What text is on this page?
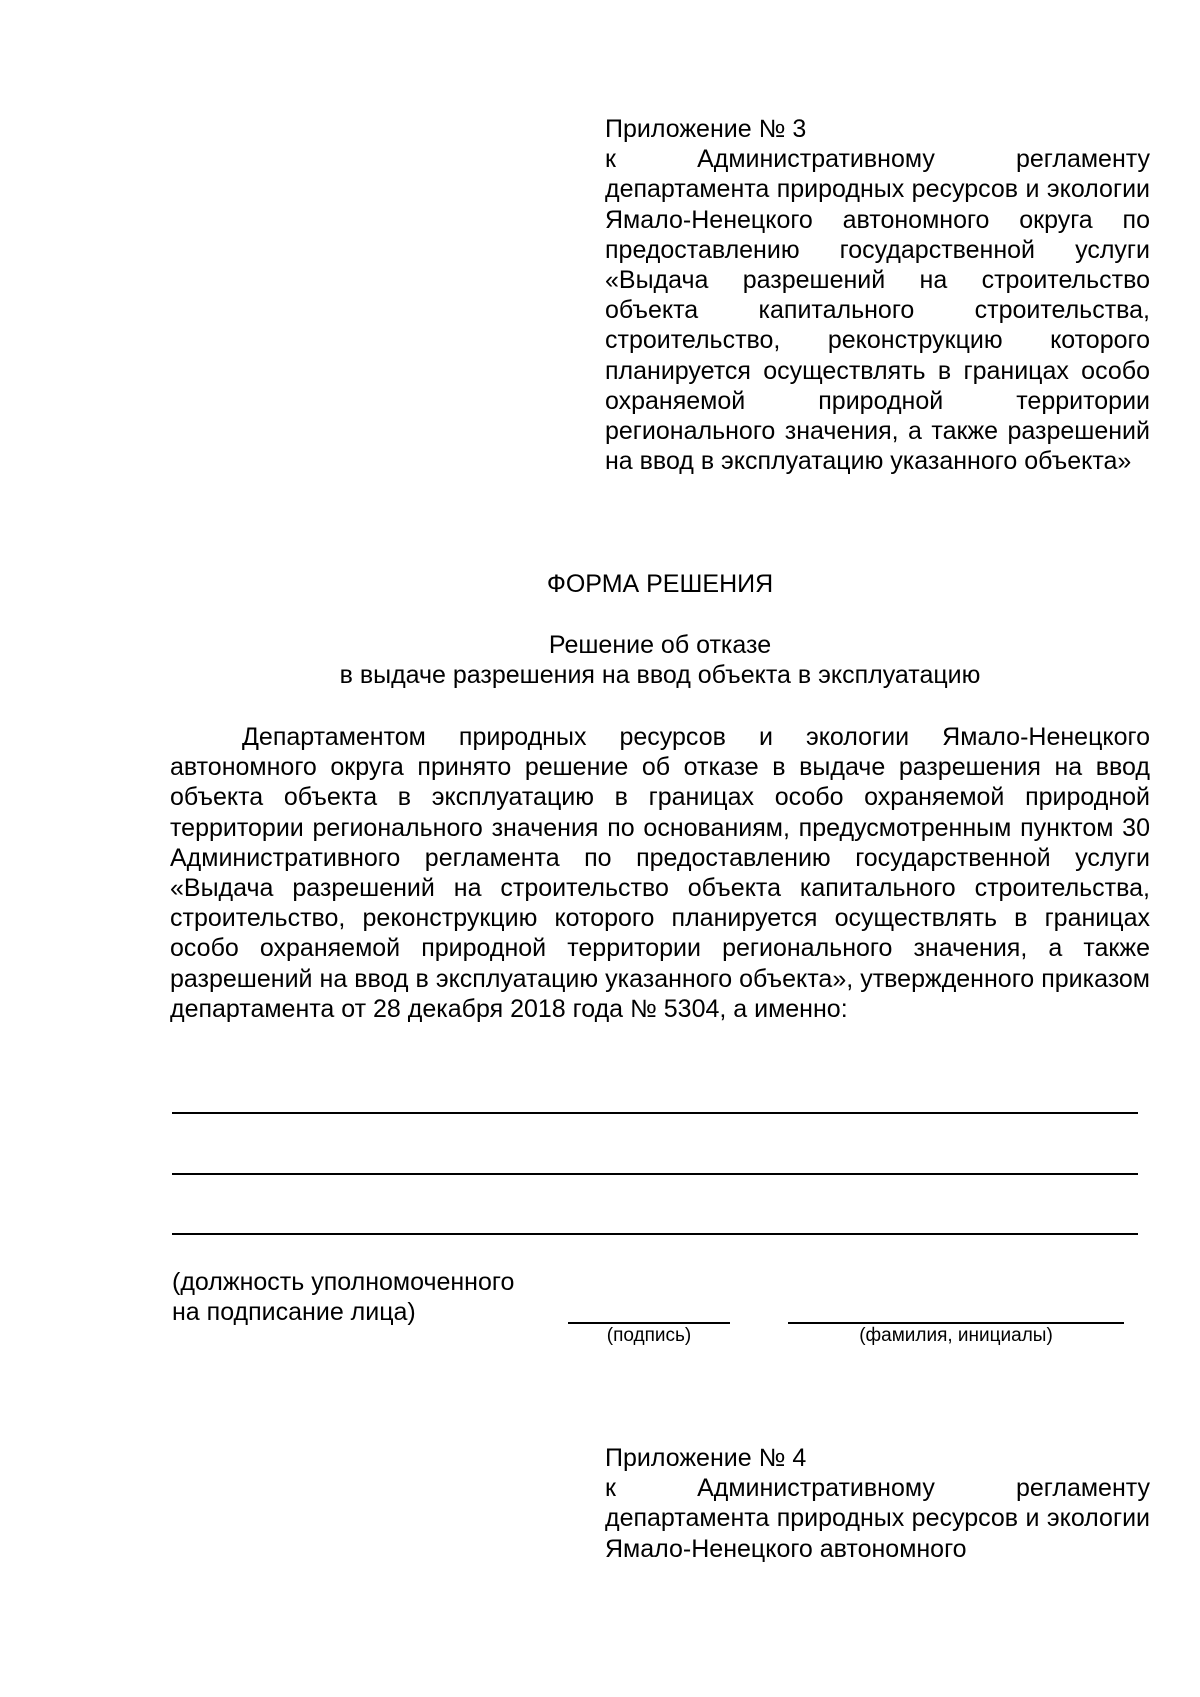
Приложение № 3
к Административному регламенту департамента природных ресурсов и экологии Ямало-Ненецкого автономного округа по предоставлению государственной услуги «Выдача разрешений на строительство объекта капитального строительства, строительство, реконструкцию которого планируется осуществлять в границах особо охраняемой природной территории регионального значения, а также разрешений на ввод в эксплуатацию указанного объекта»
ФОРМА РЕШЕНИЯ
Решение об отказе
в выдаче разрешения на ввод объекта в эксплуатацию

Департаментом природных ресурсов и экологии Ямало-Ненецкого автономного округа принято решение об отказе в выдаче разрешения на ввод объекта объекта в эксплуатацию в границах особо охраняемой природной территории регионального значения по основаниям, предусмотренным пунктом 30 Административного регламента по предоставлению государственной услуги «Выдача разрешений на строительство объекта капитального строительства, строительство, реконструкцию которого планируется осуществлять в границах особо охраняемой природной территории регионального значения, а также разрешений на ввод в эксплуатацию указанного объекта», утвержденного приказом департамента от 28 декабря 2018 года № 5304, а именно:

(должность уполномоченного
на подписание лица)
(подпись)	(фамилия, инициалы)
Приложение № 4
к Административному регламенту департамента природных ресурсов и экологии Ямало-Ненецкого автономного
